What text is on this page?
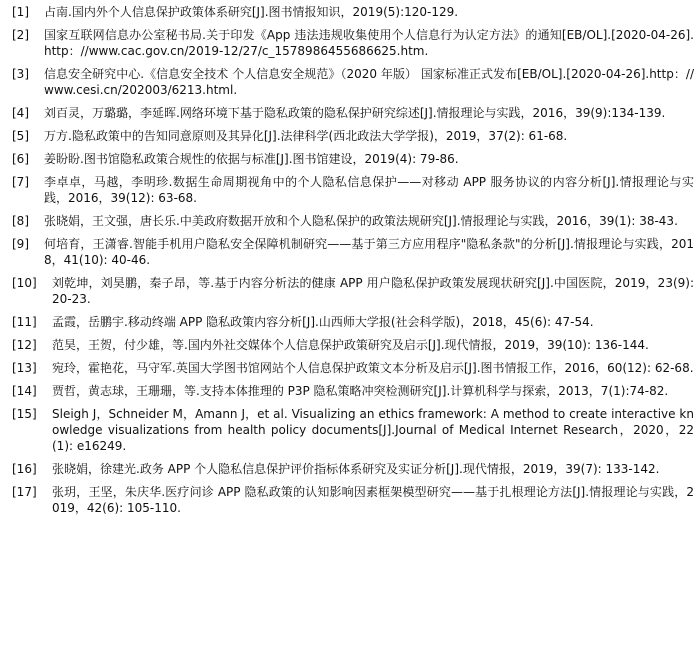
[1]	占南.国内外个人信息保护政策体系研究[J].图书情报知识，2019(5):120-129.
[2]	国家互联网信息办公室秘书局.关于印发《App 违法违规收集使用个人信息行为认定方法》的通知[EB/OL].[2020-04-26].http：//www.cac.gov.cn/2019-12/27/c_1578986455686625.htm.
[3]	信息安全研究中心.《信息安全技术 个人信息安全规范》（2020 年版） 国家标准正式发布[EB/OL].[2020-04-26].http：//www.cesi.cn/202003/6213.html.
[4]	刘百灵，万璐璐，李延晖.网络环境下基于隐私政策的隐私保护研究综述[J].情报理论与实践，2016，39(9):134-139.
[5]	万方.隐私政策中的告知同意原则及其异化[J].法律科学(西北政法大学学报)，2019，37(2): 61-68.
[6]	姜盼盼.图书馆隐私政策合规性的依据与标准[J].图书馆建设，2019(4): 79-86.
[7]	李卓卓，马越，李明珍.数据生命周期视角中的个人隐私信息保护——对移动 APP 服务协议的内容分析[J].情报理论与实践，2016，39(12): 63-68.
[8]	张晓娟，王文强，唐长乐.中美政府数据开放和个人隐私保护的政策法规研究[J].情报理论与实践，2016，39(1): 38-43.
[9]	何培育，王潇睿.智能手机用户隐私安全保障机制研究——基于第三方应用程序"隐私条款"的分析[J].情报理论与实践，2018，41(10): 40-46.
[10]	刘乾坤，刘昊鹏，秦子昂，等.基于内容分析法的健康 APP 用户隐私保护政策发展现状研究[J].中国医院，2019，23(9): 20-23.
[11]	孟霞，岳鹏宇.移动终端 APP 隐私政策内容分析[J].山西师大学报(社会科学版)，2018，45(6): 47-54.
[12]	范昊，王贺，付少雄，等.国内外社交媒体个人信息保护政策研究及启示[J].现代情报，2019，39(10): 136-144.
[13]	宛玲，霍艳花，马守军.英国大学图书馆网站个人信息保护政策文本分析及启示[J].图书情报工作，2016，60(12): 62-68.
[14]	贾哲，黄志球，王珊珊，等.支持本体推理的 P3P 隐私策略冲突检测研究[J].计算机科学与探索，2013，7(1):74-82.
[15]	Sleigh J，Schneider M，Amann J，et al. Visualizing an ethics framework: A method to create interactive knowledge visualizations from health policy documents[J].Journal of Medical Internet Research，2020，22(1): e16249.
[16]	张晓娟，徐建光.政务 APP 个人隐私信息保护评价指标体系研究及实证分析[J].现代情报，2019，39(7): 133-142.
[17]	张玥，王坚，朱庆华.医疗问诊 APP 隐私政策的认知影响因素框架模型研究——基于扎根理论方法[J].情报理论与实践，2019，42(6): 105-110.
